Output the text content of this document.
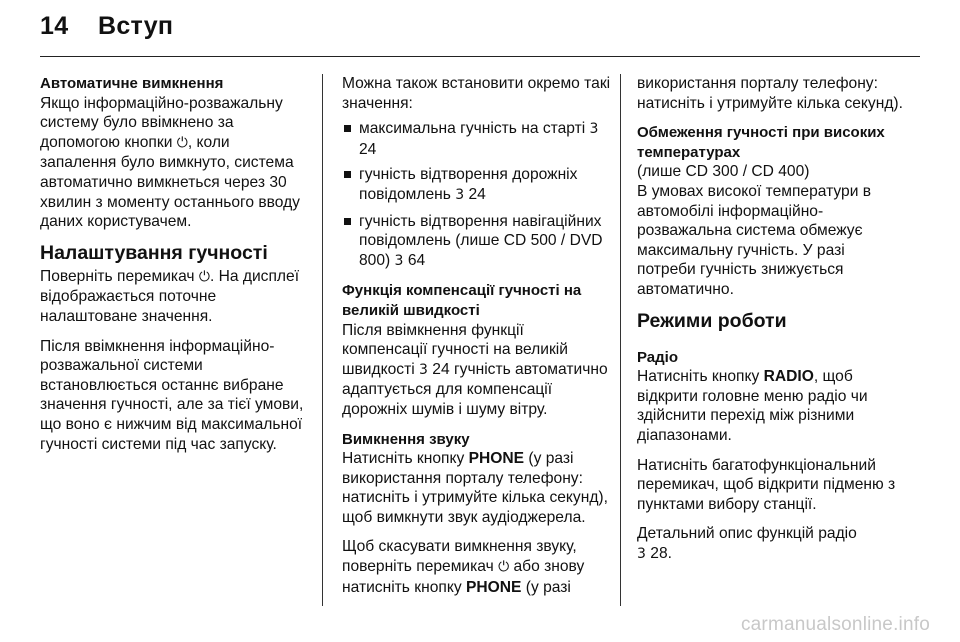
14 Вступ
Автоматичне вимкнення

Якщо інформаційно-розважальну систему було ввімкнено за допомогою кнопки ⏻, коли запалення було вимкнуто, система автоматично вимкнеться через 30 хвилин з моменту останнього вводу даних користувачем.

Налаштування гучності

Поверніть перемикач ⏻. На дисплеї відображається поточне налаштоване значення.

Після ввімкнення інформаційно-розважальної системи встановлюється останнє вибране значення гучності, але за тієї умови, що воно є нижчим від максимальної гучності системи під час запуску.

Можна також встановити окремо такі значення:

максимальна гучність на старті 3 24
гучність відтворення дорожніх повідомлень 3 24
гучність відтворення навігаційних повідомлень (лише CD 500 / DVD 800) 3 64
Функція компенсації гучності на великій швидкості

Після ввімкнення функції компенсації гучності на великій швидкості 3 24 гучність автоматично адаптується для компенсації дорожніх шумів і шуму вітру.

Вимкнення звуку

Натисніть кнопку PHONE (у разі використання порталу телефону: натисніть і утримуйте кілька секунд), щоб вимкнути звук аудіоджерела.

Щоб скасувати вимкнення звуку, поверніть перемикач ⏻ або знову натисніть кнопку PHONE (у разі

використання порталу телефону: натисніть і утримуйте кілька секунд).

Обмеження гучності при високих температурах
(лише CD 300 / CD 400)

В умовах високої температури в автомобілі інформаційно-розважальна система обмежує максимальну гучність. У разі потреби гучність знижується автоматично.

Режими роботи
Радіо

Натисніть кнопку RADIO, щоб відкрити головне меню радіо чи здійснити перехід між різними діапазонами.

Натисніть багатофункціональний перемикач, щоб відкрити підменю з пунктами вибору станції.

Детальний опис функцій радіо
3 28.

carmanualsonline.info
